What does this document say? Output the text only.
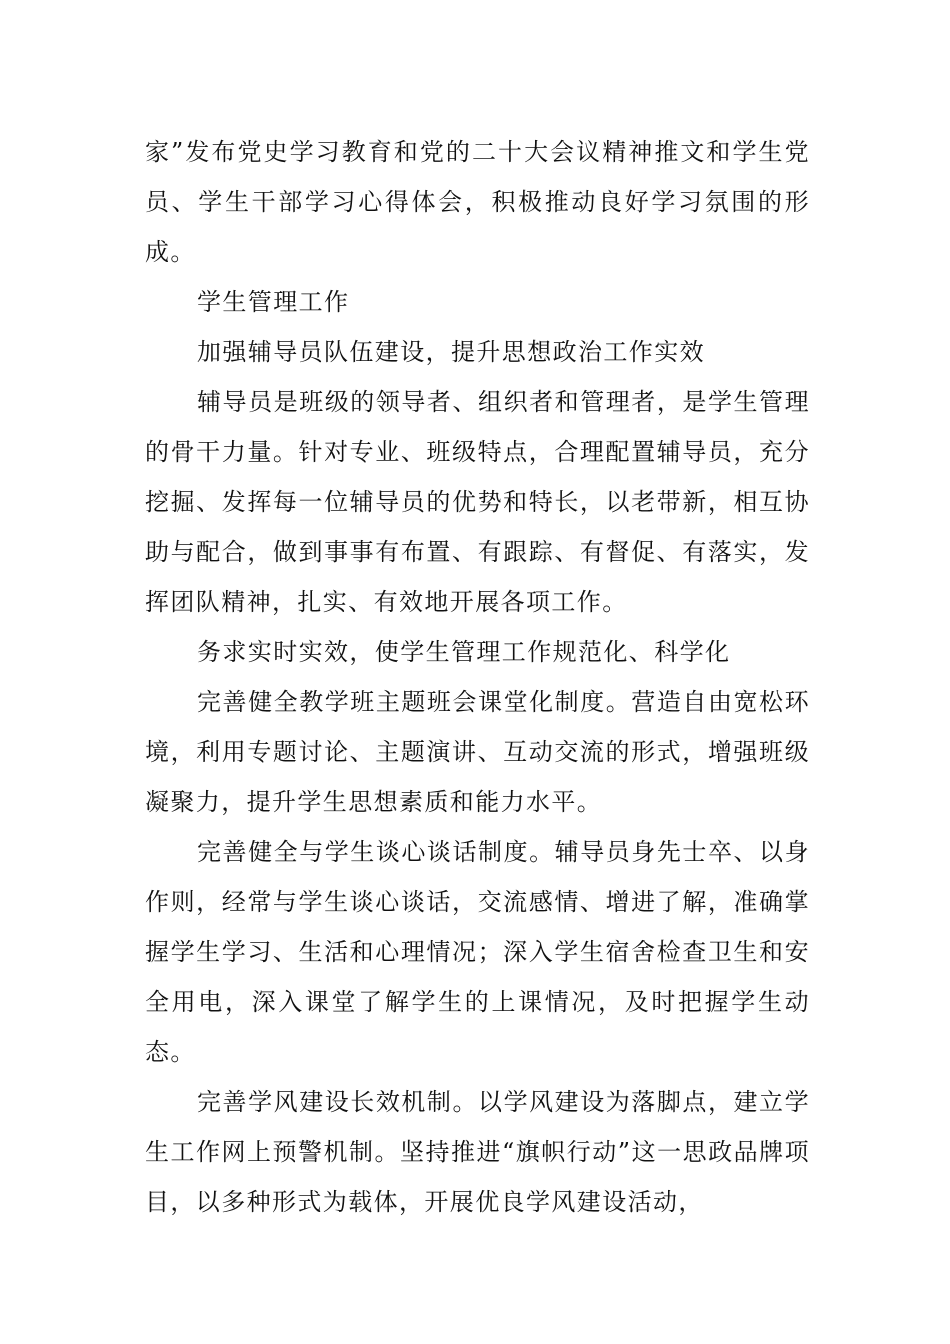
家”发布党史学习教育和党的二十大会议精神推文和学生党员、学生干部学习心得体会，积极推动良好学习氛围的形成。

学生管理工作

加强辅导员队伍建设，提升思想政治工作实效

辅导员是班级的领导者、组织者和管理者，是学生管理的骨干力量。针对专业、班级特点，合理配置辅导员，充分挖掘、发挥每一位辅导员的优势和特长，以老带新，相互协助与配合，做到事事有布置、有跟踪、有督促、有落实，发挥团队精神，扎实、有效地开展各项工作。

务求实时实效，使学生管理工作规范化、科学化

完善健全教学班主题班会课堂化制度。营造自由宽松环境，利用专题讨论、主题演讲、互动交流的形式，增强班级凝聚力，提升学生思想素质和能力水平。

完善健全与学生谈心谈话制度。辅导员身先士卒、以身作则，经常与学生谈心谈话，交流感情、增进了解，准确掌握学生学习、生活和心理情况；深入学生宿舍检查卫生和安全用电，深入课堂了解学生的上课情况，及时把握学生动态。

完善学风建设长效机制。以学风建设为落脚点，建立学生工作网上预警机制。坚持推进“旗帜行动”这一思政品牌项目，以多种形式为载体，开展优良学风建设活动，
